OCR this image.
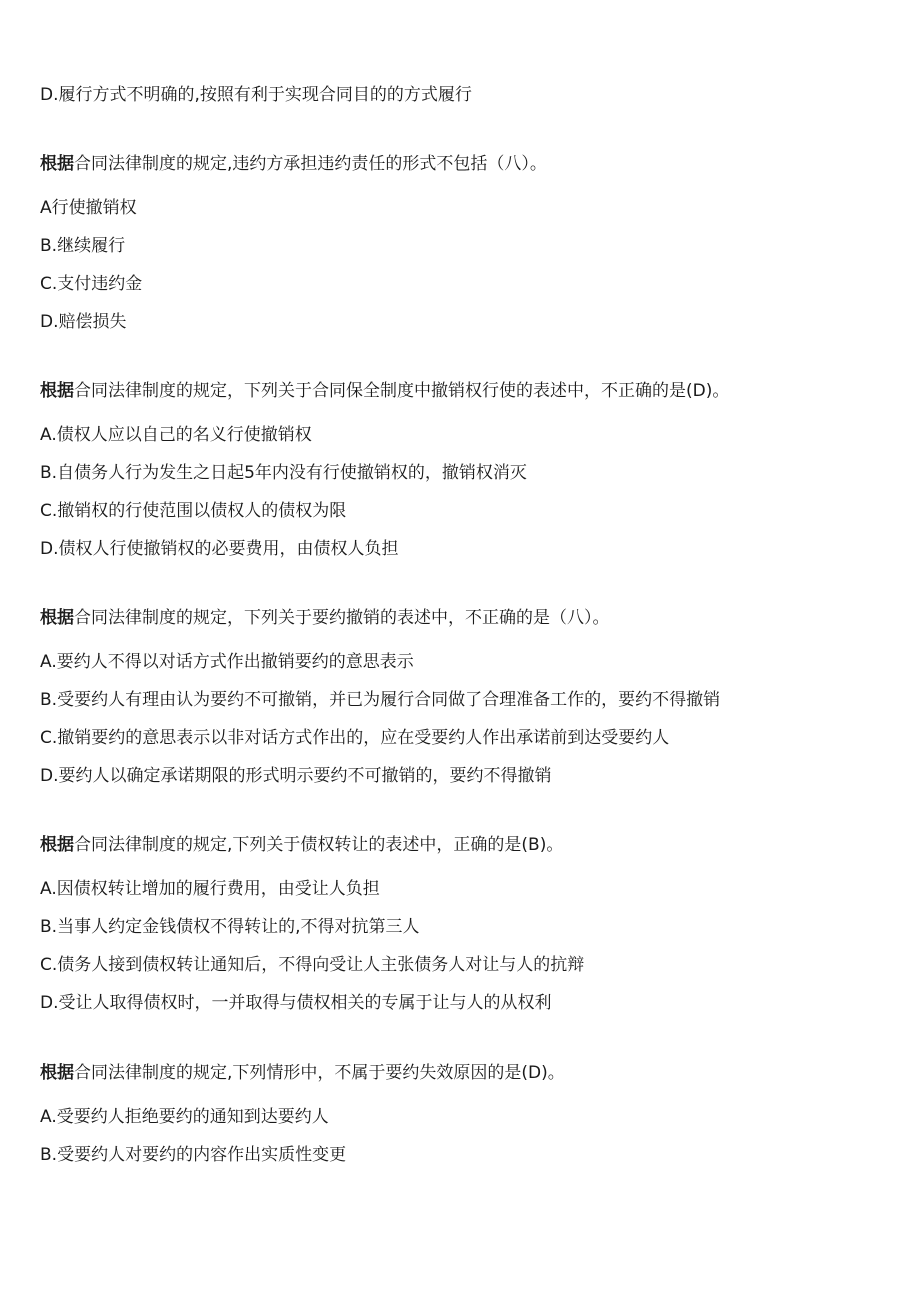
D.履行方式不明确的,按照有利于实现合同目的的方式履行
根据合同法律制度的规定,违约方承担违约责任的形式不包括（八）。
A行使撤销权
B.继续履行
C.支付违约金
D.赔偿损失
根据合同法律制度的规定，下列关于合同保全制度中撤销权行使的表述中，不正确的是(D)。
A.债权人应以自己的名义行使撤销权
B.自债务人行为发生之日起5年内没有行使撤销权的，撤销权消灭
C.撤销权的行使范围以债权人的债权为限
D.债权人行使撤销权的必要费用，由债权人负担
根据合同法律制度的规定，下列关于要约撤销的表述中，不正确的是（八）。
A.要约人不得以对话方式作出撤销要约的意思表示
B.受要约人有理由认为要约不可撤销，并已为履行合同做了合理准备工作的，要约不得撤销
C.撤销要约的意思表示以非对话方式作出的，应在受要约人作出承诺前到达受要约人
D.要约人以确定承诺期限的形式明示要约不可撤销的，要约不得撤销
根据合同法律制度的规定,下列关于债权转让的表述中，正确的是(B)。
A.因债权转让增加的履行费用，由受让人负担
B.当事人约定金钱债权不得转让的,不得对抗第三人
C.债务人接到债权转让通知后，不得向受让人主张债务人对让与人的抗辩
D.受让人取得债权时，一并取得与债权相关的专属于让与人的从权利
根据合同法律制度的规定,下列情形中，不属于要约失效原因的是(D)。
A.受要约人拒绝要约的通知到达要约人
B.受要约人对要约的内容作出实质性变更
